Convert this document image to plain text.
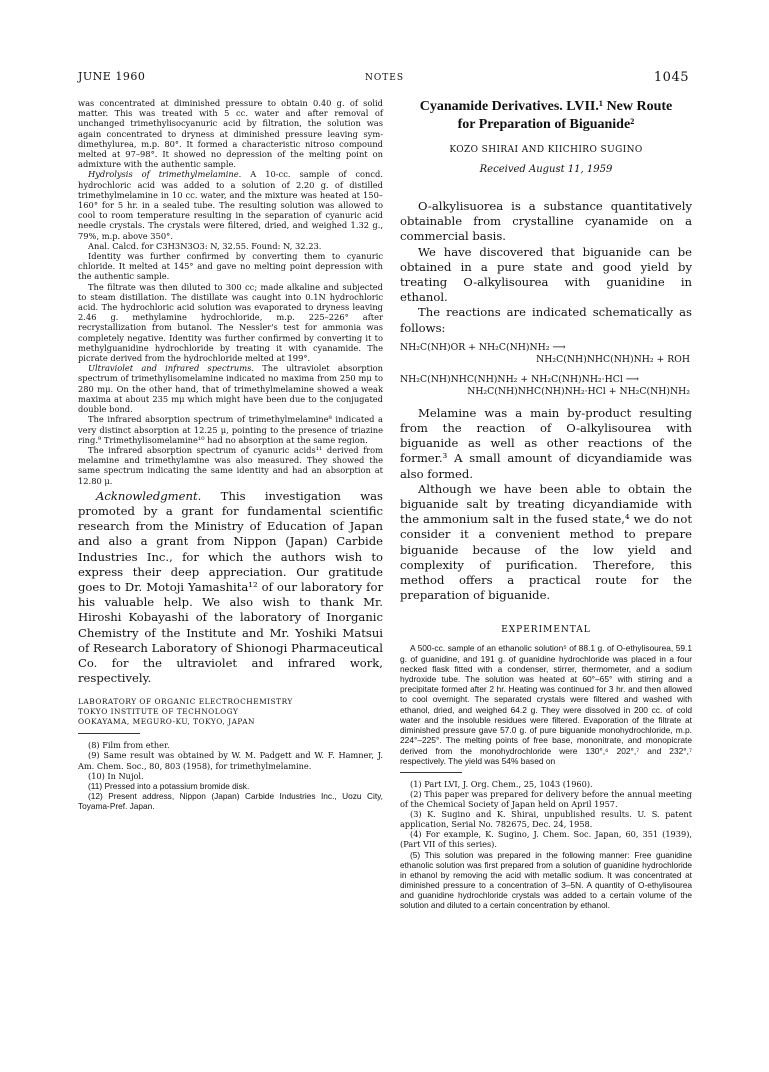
JUNE 1960	NOTES	1045

was concentrated at diminished pressure to obtain 0.40 g. of solid matter. This was treated with 5 cc. water and after removal of unchanged trimethylisocyanuric acid by filtration, the solution was again concentrated to dryness at diminished pressure leaving sym-dimethylurea, m.p. 80°. It formed a characteristic nitroso compound melted at 97–98°. It showed no depression of the melting point on admixture with the authentic sample.

Hydrolysis of trimethylmelamine. A 10-cc. sample of concd. hydrochloric acid was added to a solution of 2.20 g. of distilled trimethylmelamine in 10 cc. water, and the mixture was heated at 150–160° for 5 hr. in a sealed tube. The resulting solution was allowed to cool to room temperature resulting in the separation of cyanuric acid needle crystals. The crystals were filtered, dried, and weighed 1.32 g., 79%, m.p. above 350°.

Anal. Calcd. for C3H3N3O3: N, 32.55. Found: N, 32.23.

Identity was further confirmed by converting them to cyanuric chloride. It melted at 145° and gave no melting point depression with the authentic sample.

The filtrate was then diluted to 300 cc; made alkaline and subjected to steam distillation. The distillate was caught into 0.1N hydrochloric acid. The hydrochloric acid solution was evaporated to dryness leaving 2.46 g. methylamine hydrochloride, m.p. 225–226° after recrystallization from butanol. The Nessler's test for ammonia was completely negative. Identity was further confirmed by converting it to methylguanidine hydrochloride by treating it with cyanamide. The picrate derived from the hydrochloride melted at 199°.

Ultraviolet and infrared spectrums. The ultraviolet absorption spectrum of trimethylisomelamine indicated no maxima from 250 mμ to 280 mμ. On the other hand, that of trimethylmelamine showed a weak maxima at about 235 mμ which might have been due to the conjugated double bond.

The infrared absorption spectrum of trimethylmelamine⁸ indicated a very distinct absorption at 12.25 μ, pointing to the presence of triazine ring.⁹ Trimethylisomelamine¹⁰ had no absorption at the same region.

The infrared absorption spectrum of cyanuric acids¹¹ derived from melamine and trimethylamine was also measured. They showed the same spectrum indicating the same identity and had an absorption at 12.80 μ.

Acknowledgment. This investigation was promoted by a grant for fundamental scientific research from the Ministry of Education of Japan and also a grant from Nippon (Japan) Carbide Industries Inc., for which the authors wish to express their deep appreciation. Our gratitude goes to Dr. Motoji Yamashita¹² of our laboratory for his valuable help. We also wish to thank Mr. Hiroshi Kobayashi of the laboratory of Inorganic Chemistry of the Institute and Mr. Yoshiki Matsui of Research Laboratory of Shionogi Pharmaceutical Co. for the ultraviolet and infrared work, respectively.

LABORATORY OF ORGANIC ELECTROCHEMISTRY
TOKYO INSTITUTE OF TECHNOLOGY
OOKAYAMA, MEGURO-KU, TOKYO, JAPAN

(8) Film from ether.

(9) Same result was obtained by W. M. Padgett and W. F. Hamner, J. Am. Chem. Soc., 80, 803 (1958), for trimethylmelamine.

(10) In Nujol.

(11) Pressed into a potassium bromide disk.

(12) Present address, Nippon (Japan) Carbide Industries Inc., Uozu City, Toyama-Pref. Japan.

Cyanamide Derivatives. LVII.¹ New Route
for Preparation of Biguanide²

KOZO SHIRAI AND KIICHIRO SUGINO

Received August 11, 1959

O-alkylisuorea is a substance quantitatively obtainable from crystalline cyanamide on a commercial basis.

We have discovered that biguanide can be obtained in a pure state and good yield by treating O-alkylisourea with guanidine in ethanol.

The reactions are indicated schematically as follows:

NH₂C(NH)OR + NH₂C(NH)NH₂ ⟶
NH₂C(NH)NHC(NH)NH₂ + ROH
NH₂C(NH)NHC(NH)NH₂ + NH₂C(NH)NH₂·HCl ⟶
NH₂C(NH)NHC(NH)NH₂·HCl + NH₂C(NH)NH₂

Melamine was a main by-product resulting from the reaction of O-alkylisourea with biguanide as well as other reactions of the former.³ A small amount of dicyandiamide was also formed.

Although we have been able to obtain the biguanide salt by treating dicyandiamide with the ammonium salt in the fused state,⁴ we do not consider it a convenient method to prepare biguanide because of the low yield and complexity of purification. Therefore, this method offers a practical route for the preparation of biguanide.

EXPERIMENTAL

A 500-cc. sample of an ethanolic solution⁵ of 88.1 g. of O-ethylisourea, 59.1 g. of guanidine, and 191 g. of guanidine hydrochloride was placed in a four necked flask fitted with a condenser, stirrer, thermometer, and a sodium hydroxide tube. The solution was heated at 60°–65° with stirring and a precipitate formed after 2 hr. Heating was continued for 3 hr. and then allowed to cool overnight. The separated crystals were filtered and washed with ethanol, dried, and weighed 64.2 g. They were dissolved in 200 cc. of cold water and the insoluble residues were filtered. Evaporation of the filtrate at diminished pressure gave 57.0 g. of pure biguanide monohydrochloride, m.p. 224°–225°. The melting points of free base, mononitrate, and monopicrate derived from the monohydrochloride were 130°,⁶ 202°,⁷ and 232°,⁷ respectively. The yield was 54% based on

(1) Part LVI, J. Org. Chem., 25, 1043 (1960).

(2) This paper was prepared for delivery before the annual meeting of the Chemical Society of Japan held on April 1957.

(3) K. Sugino and K. Shirai, unpublished results. U. S. patent application, Serial No. 782675, Dec. 24, 1958.

(4) For example, K. Sugino, J. Chem. Soc. Japan, 60, 351 (1939), (Part VII of this series).

(5) This solution was prepared in the following manner: Free guanidine ethanolic solution was first prepared from a solution of guanidine hydrochloride in ethanol by removing the acid with metallic sodium. It was concentrated at diminished pressure to a concentration of 3–5N. A quantity of O-ethylisourea and guanidine hydrochloride crystals was added to a certain volume of the solution and diluted to a certain concentration by ethanol.
